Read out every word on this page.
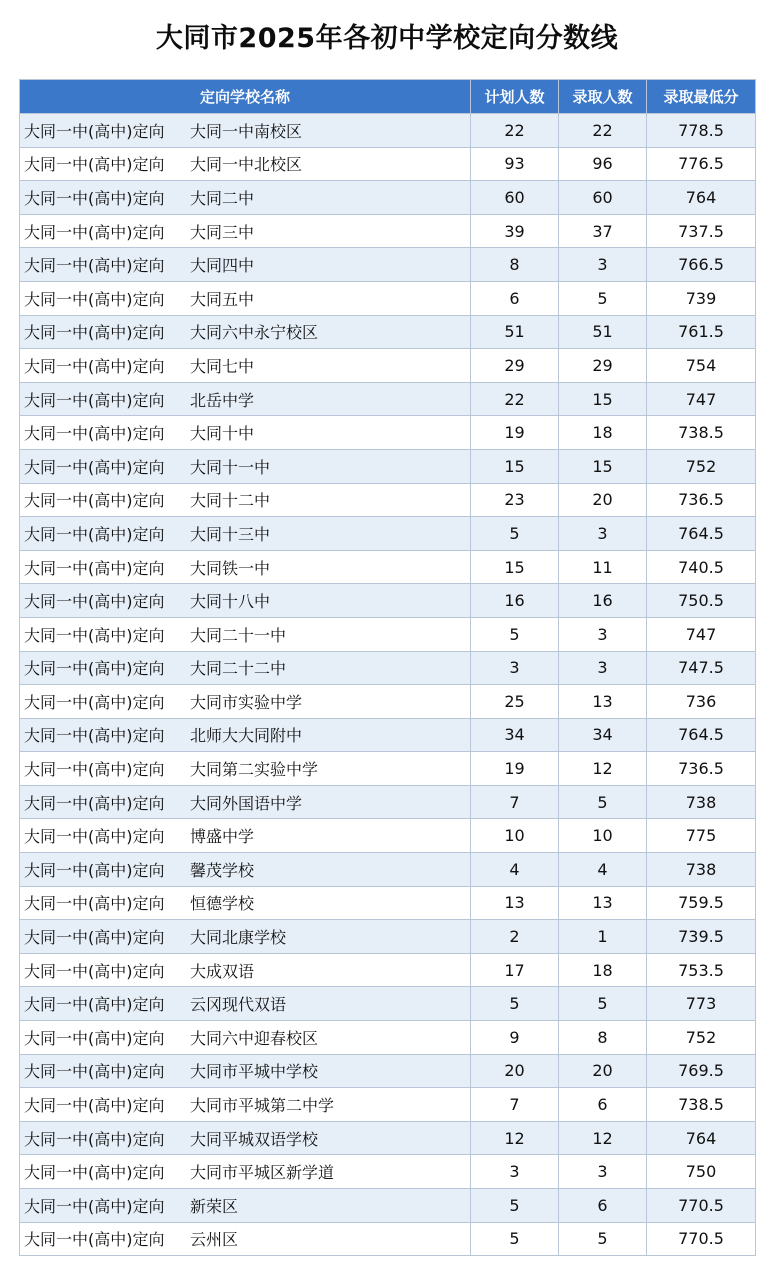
大同市2025年各初中学校定向分数线
定向学校名称	计划人数	录取人数	录取最低分
大同一中(高中)定向 大同一中南校区	22	22	778.5
大同一中(高中)定向 大同一中北校区	93	96	776.5
大同一中(高中)定向 大同二中	60	60	764
大同一中(高中)定向 大同三中	39	37	737.5
大同一中(高中)定向 大同四中	8	3	766.5
大同一中(高中)定向 大同五中	6	5	739
大同一中(高中)定向 大同六中永宁校区	51	51	761.5
大同一中(高中)定向 大同七中	29	29	754
大同一中(高中)定向 北岳中学	22	15	747
大同一中(高中)定向 大同十中	19	18	738.5
大同一中(高中)定向 大同十一中	15	15	752
大同一中(高中)定向 大同十二中	23	20	736.5
大同一中(高中)定向 大同十三中	5	3	764.5
大同一中(高中)定向 大同铁一中	15	11	740.5
大同一中(高中)定向 大同十八中	16	16	750.5
大同一中(高中)定向 大同二十一中	5	3	747
大同一中(高中)定向 大同二十二中	3	3	747.5
大同一中(高中)定向 大同市实验中学	25	13	736
大同一中(高中)定向 北师大大同附中	34	34	764.5
大同一中(高中)定向 大同第二实验中学	19	12	736.5
大同一中(高中)定向 大同外国语中学	7	5	738
大同一中(高中)定向 博盛中学	10	10	775
大同一中(高中)定向 馨茂学校	4	4	738
大同一中(高中)定向 恒德学校	13	13	759.5
大同一中(高中)定向 大同北康学校	2	1	739.5
大同一中(高中)定向 大成双语	17	18	753.5
大同一中(高中)定向 云冈现代双语	5	5	773
大同一中(高中)定向 大同六中迎春校区	9	8	752
大同一中(高中)定向 大同市平城中学校	20	20	769.5
大同一中(高中)定向 大同市平城第二中学	7	6	738.5
大同一中(高中)定向 大同平城双语学校	12	12	764
大同一中(高中)定向 大同市平城区新学道	3	3	750
大同一中(高中)定向 新荣区	5	6	770.5
大同一中(高中)定向 云州区	5	5	770.5
